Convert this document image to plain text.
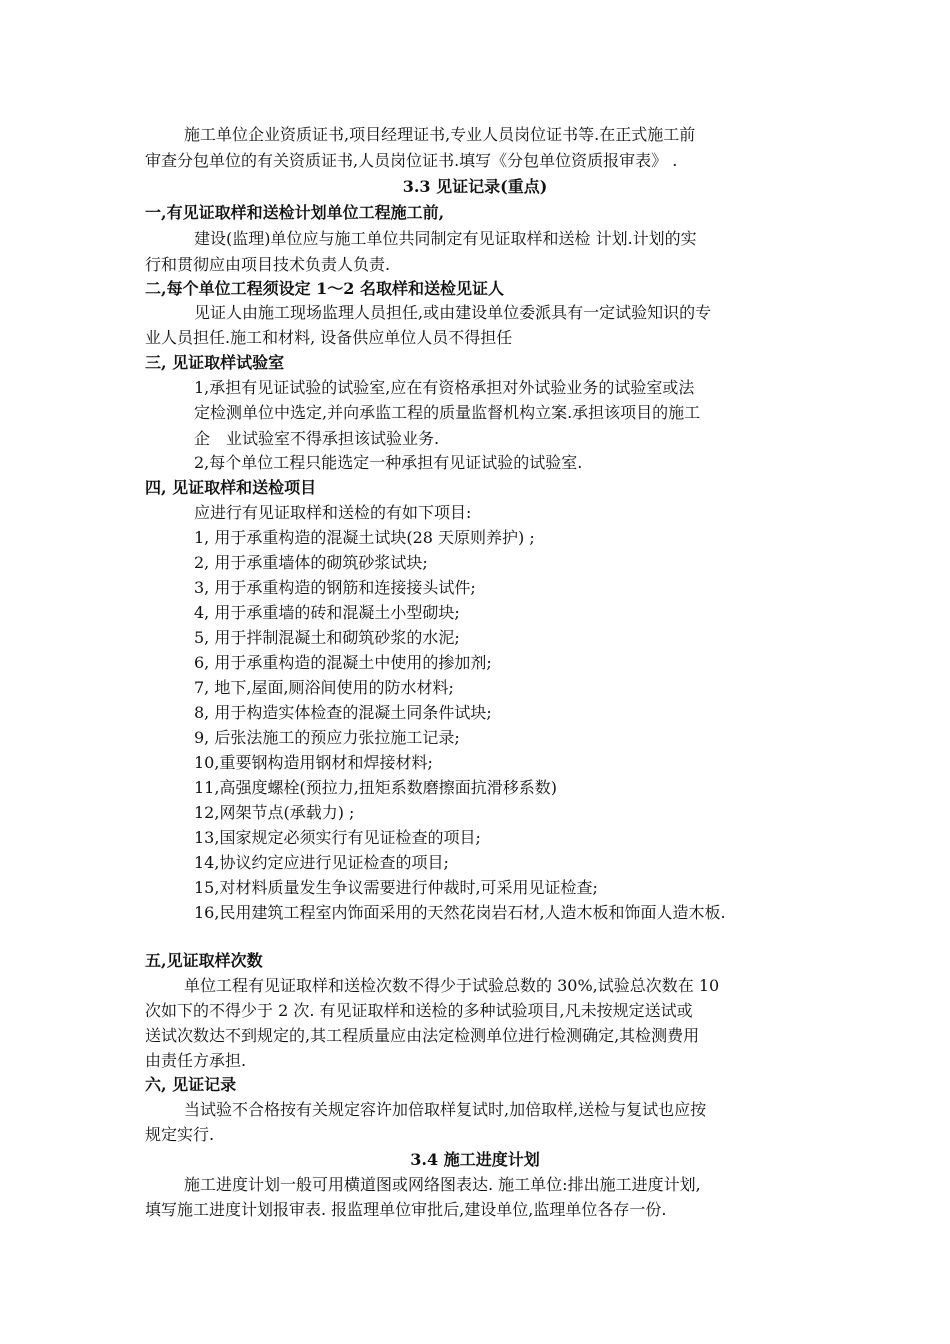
施工单位企业资质证书,项目经理证书,专业人员岗位证书等.在正式施工前
审查分包单位的有关资质证书,人员岗位证书.填写《分包单位资质报审表》 .
3.3 见证记录(重点)
一,有见证取样和送检计划单位工程施工前,
建设(监理)单位应与施工单位共同制定有见证取样和送检 计划.计划的实
行和贯彻应由项目技术负责人负责.
二,每个单位工程须设定 1～2 名取样和送检见证人
见证人由施工现场监理人员担任,或由建设单位委派具有一定试验知识的专
业人员担任.施工和材料, 设备供应单位人员不得担任
三, 见证取样试验室
1,承担有见证试验的试验室,应在有资格承担对外试验业务的试验室或法
定检测单位中选定,并向承监工程的质量监督机构立案.承担该项目的施工
企　业试验室不得承担该试验业务.
2,每个单位工程只能选定一种承担有见证试验的试验室.
四, 见证取样和送检项目
应进行有见证取样和送检的有如下项目:
1, 用于承重构造的混凝土试块(28 天原则养护) ;
2, 用于承重墙体的砌筑砂浆试块;
3, 用于承重构造的钢筋和连接接头试件;
4, 用于承重墙的砖和混凝土小型砌块;
5, 用于拌制混凝土和砌筑砂浆的水泥;
6, 用于承重构造的混凝土中使用的掺加剂;
7, 地下,屋面,厕浴间使用的防水材料;
8, 用于构造实体检查的混凝土同条件试块;
9, 后张法施工的预应力张拉施工记录;
10,重要钢构造用钢材和焊接材料;
11,高强度螺栓(预拉力,扭矩系数磨擦面抗滑移系数)
12,网架节点(承载力) ;
13,国家规定必须实行有见证检查的项目;
14,协议约定应进行见证检查的项目;
15,对材料质量发生争议需要进行仲裁时,可采用见证检查;
16,民用建筑工程室内饰面采用的天然花岗岩石材,人造木板和饰面人造木板.
五,见证取样次数
单位工程有见证取样和送检次数不得少于试验总数的 30%,试验总次数在 10
次如下的不得少于 2 次. 有见证取样和送检的多种试验项目,凡未按规定送试或
送试次数达不到规定的,其工程质量应由法定检测单位进行检测确定,其检测费用
由责任方承担.
六, 见证记录
当试验不合格按有关规定容许加倍取样复试时,加倍取样,送检与复试也应按
规定实行.
3.4 施工进度计划
施工进度计划一般可用横道图或网络图表达. 施工单位:排出施工进度计划,
填写施工进度计划报审表. 报监理单位审批后,建设单位,监理单位各存一份.
